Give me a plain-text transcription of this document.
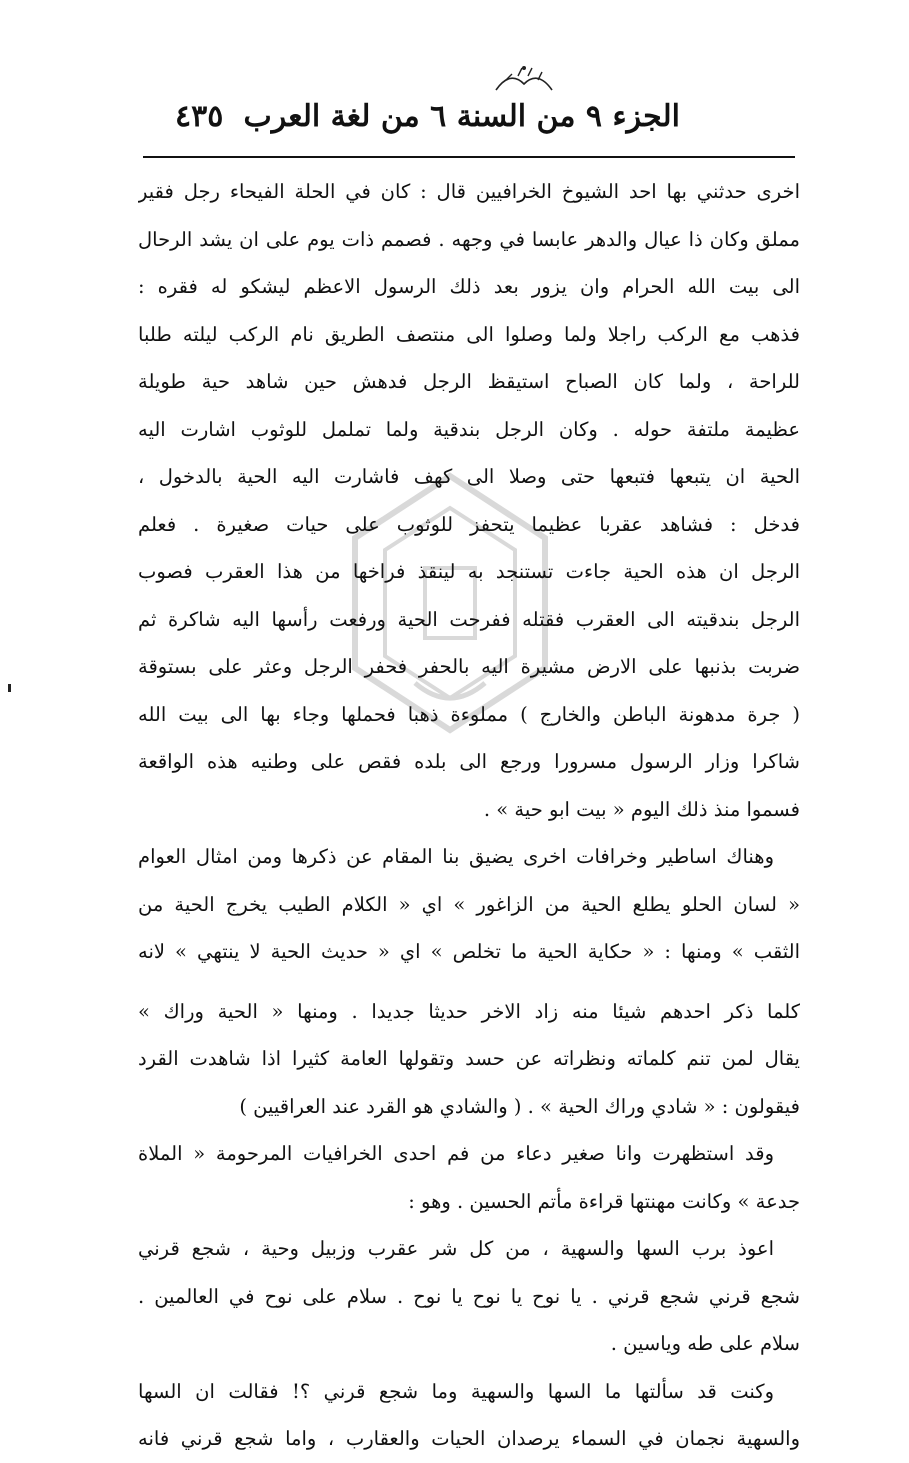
الجزء ٩ من السنة ٦ من لغة العرب
٤٣٥
اخرى حدثني بها احد الشيوخ الخرافيين قال : كان في الحلة الفيحاء رجل فقير
مملق وكان ذا عيال والدهر عابسا في وجهه . فصمم ذات يوم على ان يشد الرحال
الى بيت الله الحرام وان يزور بعد ذلك الرسول الاعظم ليشكو له فقره :
فذهب مع الركب راجلا ولما وصلوا الى منتصف الطريق نام الركب ليلته طلبا
للراحة ، ولما كان الصباح استيقظ الرجل فدهش حين شاهد حية طويلة
عظيمة ملتفة حوله . وكان الرجل بندقية ولما تململ للوثوب اشارت اليه
الحية ان يتبعها فتبعها حتى وصلا الى كهف فاشارت اليه الحية بالدخول ،
فدخل : فشاهد عقربا عظيما يتحفز للوثوب على حيات صغيرة . فعلم
الرجل ان هذه الحية جاءت تستنجد به لينقذ فراخها من هذا العقرب فصوب
الرجل بندقيته الى العقرب فقتله ففرحت الحية ورفعت رأسها اليه شاكرة ثم
ضربت بذنبها على الارض مشيرة اليه بالحفر فحفر الرجل وعثر على بستوقة
( جرة مدهونة الباطن والخارج ) مملوءة ذهبا فحملها وجاء بها الى بيت الله
شاكرا وزار الرسول مسرورا ورجع الى بلده فقص على وطنيه هذه الواقعة
فسموا منذ ذلك اليوم « بيت ابو حية » .
وهناك اساطير وخرافات اخرى يضيق بنا المقام عن ذكرها ومن امثال العوام
« لسان الحلو يطلع الحية من الزاغور » اي « الكلام الطيب يخرج الحية من
الثقب » ومنها : « حكاية الحية ما تخلص » اي « حديث الحية لا ينتهي » لانه
كلما ذكر احدهم شيئا منه زاد الاخر حديثا جديدا . ومنها « الحية وراك »
يقال لمن تنم كلماته ونظراته عن حسد وتقولها العامة كثيرا اذا شاهدت القرد
فيقولون : « شادي وراك الحية » . ( والشادي هو القرد عند العراقيين )
وقد استظهرت وانا صغير دعاء من فم احدى الخرافيات المرحومة « الملاة
جدعة » وكانت مهنتها قراءة مأتم الحسين . وهو :
اعوذ برب السها والسهية ، من كل شر عقرب وزبيل وحية ، شجع قرني
شجع قرني شجع قرني . يا نوح يا نوح يا نوح . سلام على نوح في العالمين .
سلام على طه وياسين .
وكنت قد سألتها ما السها والسهية وما شجع قرني ؟! فقالت ان السها
والسهية نجمان في السماء يرصدان الحيات والعقارب ، واما شجع قرني فانه
